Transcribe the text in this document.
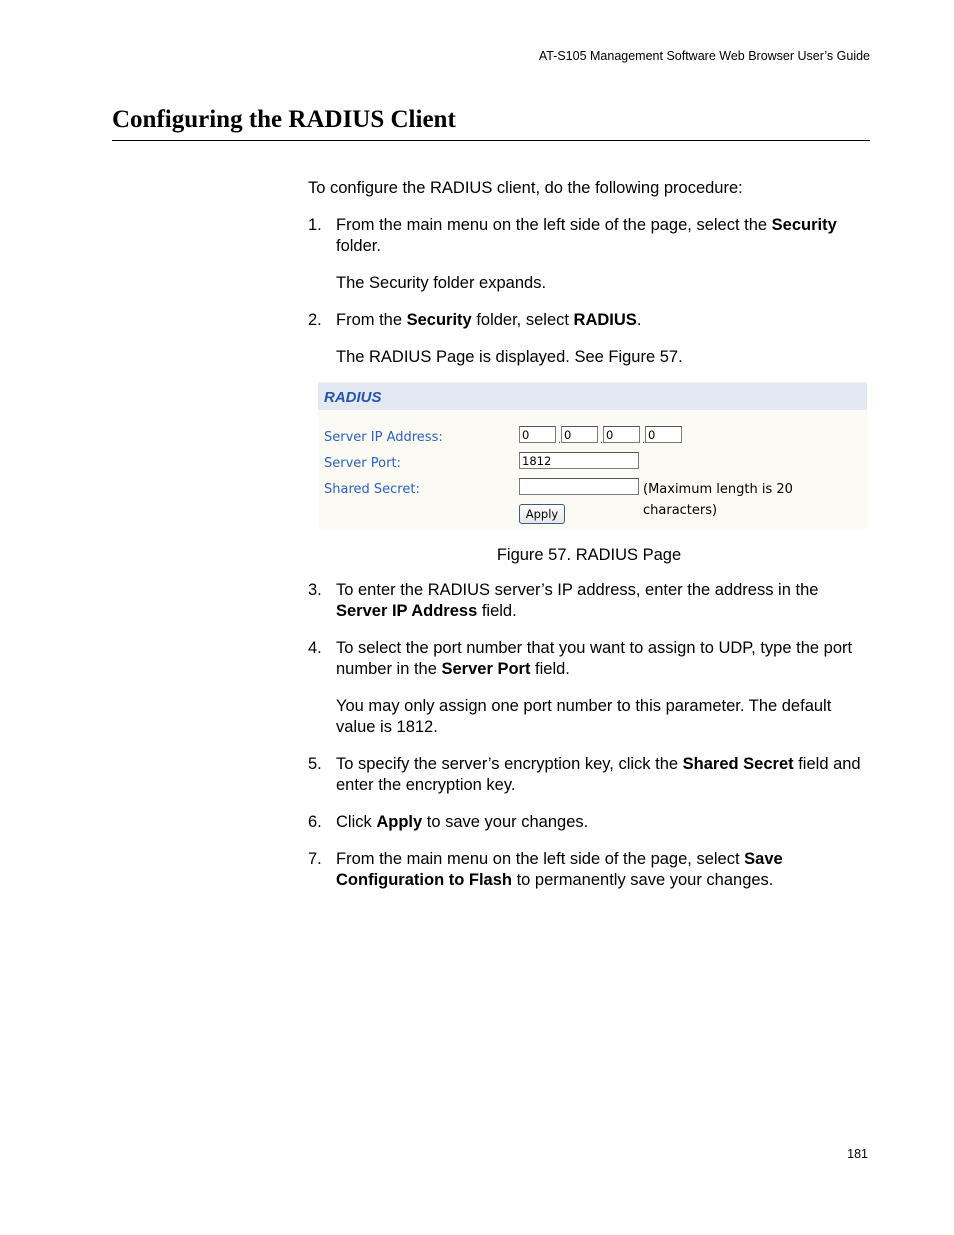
AT-S105 Management Software Web Browser User’s Guide
Configuring the RADIUS Client

To configure the RADIUS client, do the following procedure:

1. From the main menu on the left side of the page, select the Security folder.

The Security folder expands.

2. From the Security folder, select RADIUS.

The RADIUS Page is displayed. See Figure 57.

RADIUS
Server IP Address:	0	. 0	. 0	. 0
Server Port:	1812
Shared Secret:	(Maximum length is 20 characters)
Apply

Figure 57. RADIUS Page

3. To enter the RADIUS server’s IP address, enter the address in the Server IP Address field.
4. To select the port number that you want to assign to UDP, type the port number in the Server Port field.

You may only assign one port number to this parameter. The default value is 1812.

5. To specify the server’s encryption key, click the Shared Secret field and enter the encryption key.
6. Click Apply to save your changes.
7. From the main menu on the left side of the page, select Save Configuration to Flash to permanently save your changes.
181
